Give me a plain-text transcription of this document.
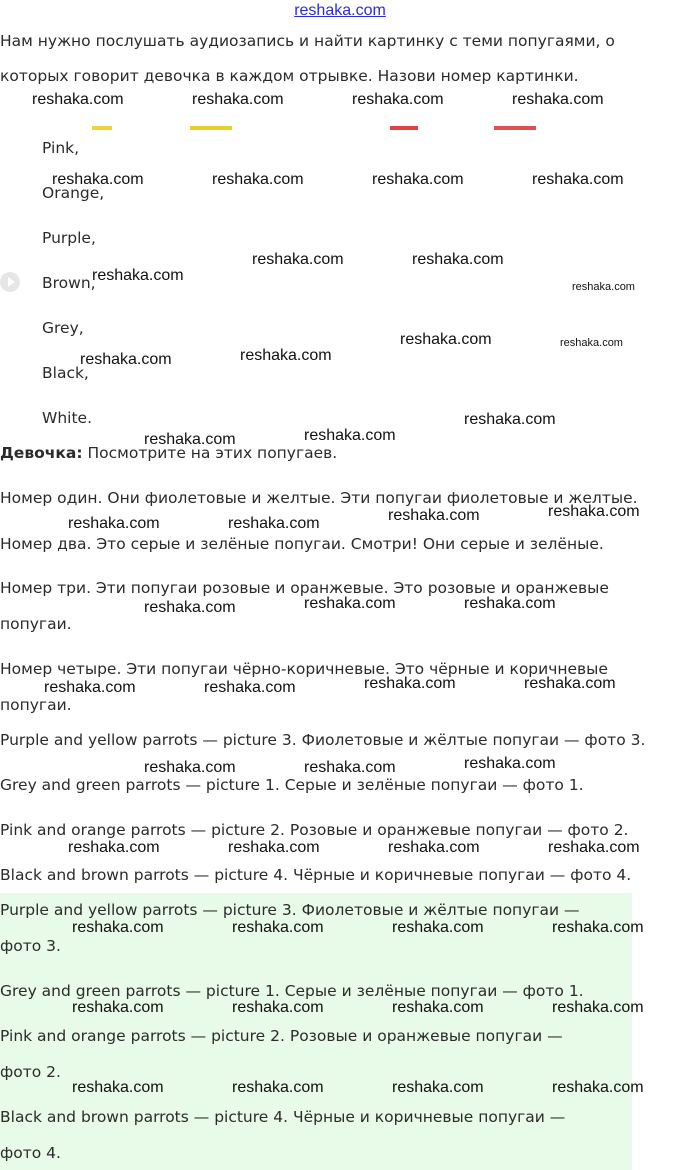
reshaka.com
Нам нужно послушать аудиозапись и найти картинку с теми попугаями, о
которых говорит девочка в каждом отрывке. Назови номер картинки.
Pink,
Orange,
Purple,
Brown,
Grey,
Black,
White.
Девочка: Посмотрите на этих попугаев.
Номер один. Они фиолетовые и желтые. Эти попугаи фиолетовые и желтые.
Номер два. Это серые и зелёные попугаи. Смотри! Они серые и зелёные.
Номер три. Эти попугаи розовые и оранжевые. Это розовые и оранжевые
попугаи.
Номер четыре. Эти попугаи чёрно-коричневые. Это чёрные и коричневые
попугаи.
Purple and yellow parrots — picture 3. Фиолетовые и жёлтые попугаи — фото 3.
Grey and green parrots — picture 1. Серые и зелёные попугаи — фото 1.
Pink and orange parrots — picture 2. Розовые и оранжевые попугаи — фото 2.
Black and brown parrots — picture 4. Чёрные и коричневые попугаи — фото 4.
Purple and yellow parrots — picture 3. Фиолетовые и жёлтые попугаи —
фото 3.
Grey and green parrots — picture 1. Серые и зелёные попугаи — фото 1.
Pink and orange parrots — picture 2. Розовые и оранжевые попугаи —
фото 2.
Black and brown parrots — picture 4. Чёрные и коричневые попугаи —
фото 4.
reshaka.com	reshaka.com	reshaka.com	reshaka.com
reshaka.com	reshaka.com	reshaka.com	reshaka.com
reshaka.com	reshaka.com
reshaka.com
reshaka.com
reshaka.com	reshaka.com
reshaka.com
reshaka.com	reshaka.com
reshaka.com	reshaka.com	reshaka.com	reshaka.com
reshaka.com	reshaka.com	reshaka.com
reshaka.com	reshaka.com	reshaka.com	reshaka.com
reshaka.com	reshaka.com	reshaka.com
reshaka.com	reshaka.com	reshaka.com	reshaka.com
reshaka.com	reshaka.com	reshaka.com	reshaka.com
reshaka.com	reshaka.com	reshaka.com	reshaka.com
reshaka.com	reshaka.com	reshaka.com	reshaka.com
reshaka.com
reshaka.com
